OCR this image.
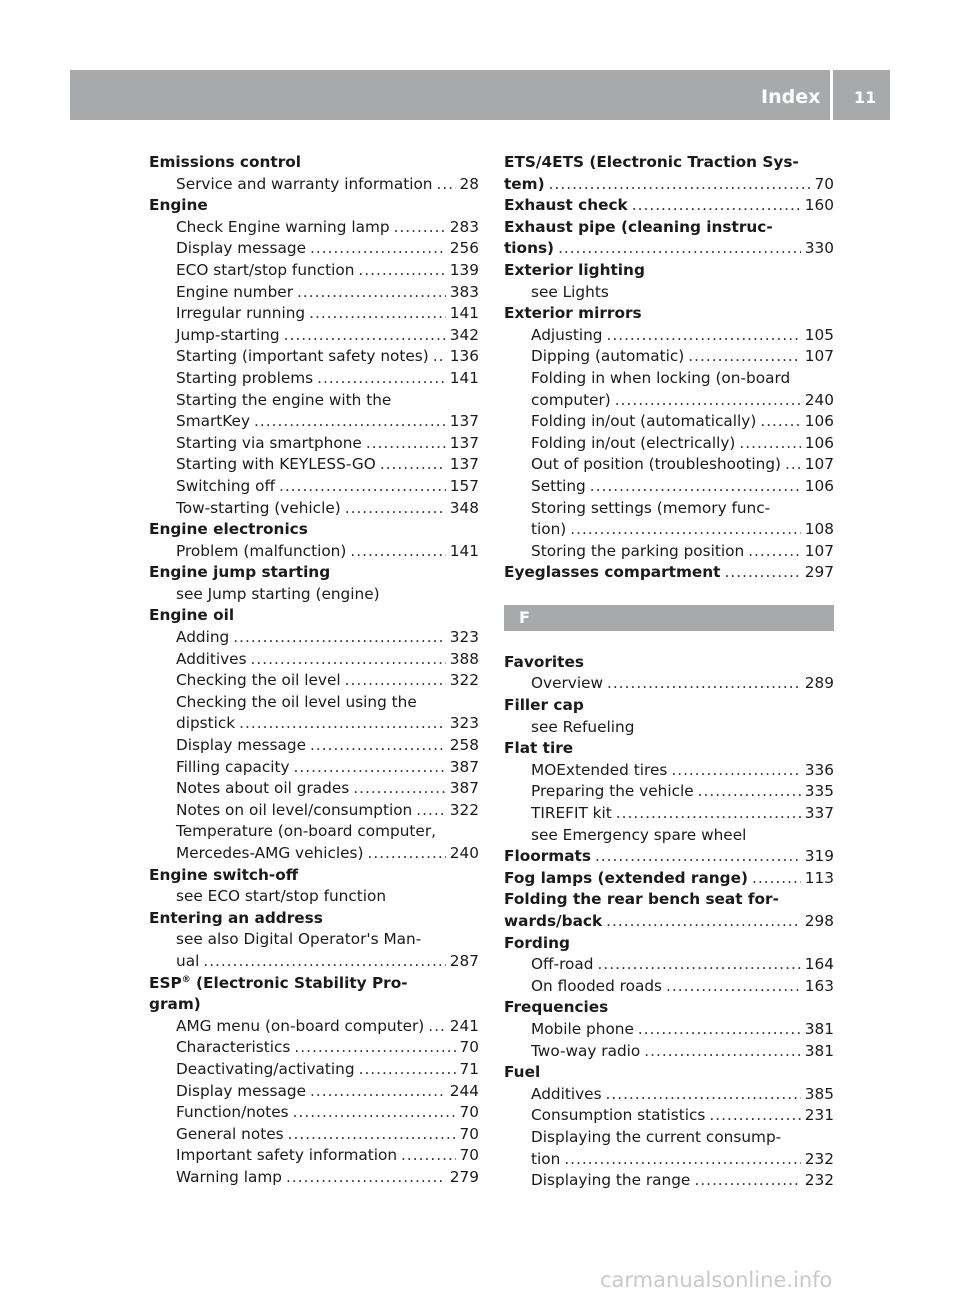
Index 11
Emissions control
Service and warranty information ..... 28
Engine
Check Engine warning lamp .....	283
Display message .....	256
ECO start/stop function .....	139
Engine number .....	383
Irregular running .....	141
Jump-starting .....	342
Starting (important safety notes) ..... 136
Starting problems .....	141
Starting the engine with the
SmartKey .....	137
Starting via smartphone .....	137
Starting with KEYLESS-GO .....	137
Switching off .....	157
Tow-starting (vehicle) .....	348
Engine electronics
Problem (malfunction) .....	141
Engine jump starting
see Jump starting (engine)
Engine oil
Adding .....	323
Additives .....	388
Checking the oil level .....	322
Checking the oil level using the
dipstick .....	323
Display message .....	258
Filling capacity .....	387
Notes about oil grades .....	387
Notes on oil level/consumption ..... 322
Temperature (on-board computer,
Mercedes-AMG vehicles) .....	240
Engine switch-off
see ECO start/stop function
Entering an address
see also Digital Operator's Man-
ual .....	287
ESP® (Electronic Stability Pro-
gram)
AMG menu (on-board computer) ..... 241
Characteristics .....	70
Deactivating/activating .....	71
Display message .....	244
Function/notes .....	70
General notes .....	70
Important safety information .....	70
Warning lamp .....	279
ETS/4ETS (Electronic Traction Sys-
tem) .....	70
Exhaust check .....	160
Exhaust pipe (cleaning instruc-
tions) .....	330
Exterior lighting
see Lights
Exterior mirrors
Adjusting .....	105
Dipping (automatic) .....	107
Folding in when locking (on-board
computer) .....	240
Folding in/out (automatically) .....	106
Folding in/out (electrically) .....	106
Out of position (troubleshooting) ..... 107
Setting .....	106
Storing settings (memory func-
tion) .....	108
Storing the parking position .....	107
Eyeglasses compartment .....	297
F
Favorites
Overview .....	289
Filler cap
see Refueling
Flat tire
MOExtended tires .....	336
Preparing the vehicle .....	335
TIREFIT kit .....	337
see Emergency spare wheel
Floormats .....	319
Fog lamps (extended range) .....	113
Folding the rear bench seat for-
wards/back .....	298
Fording
Off-road .....	164
On flooded roads .....	163
Frequencies
Mobile phone .....	381
Two-way radio .....	381
Fuel
Additives .....	385
Consumption statistics .....	231
Displaying the current consump-
tion .....	232
Displaying the range .....	232
carmanualsonline.info
